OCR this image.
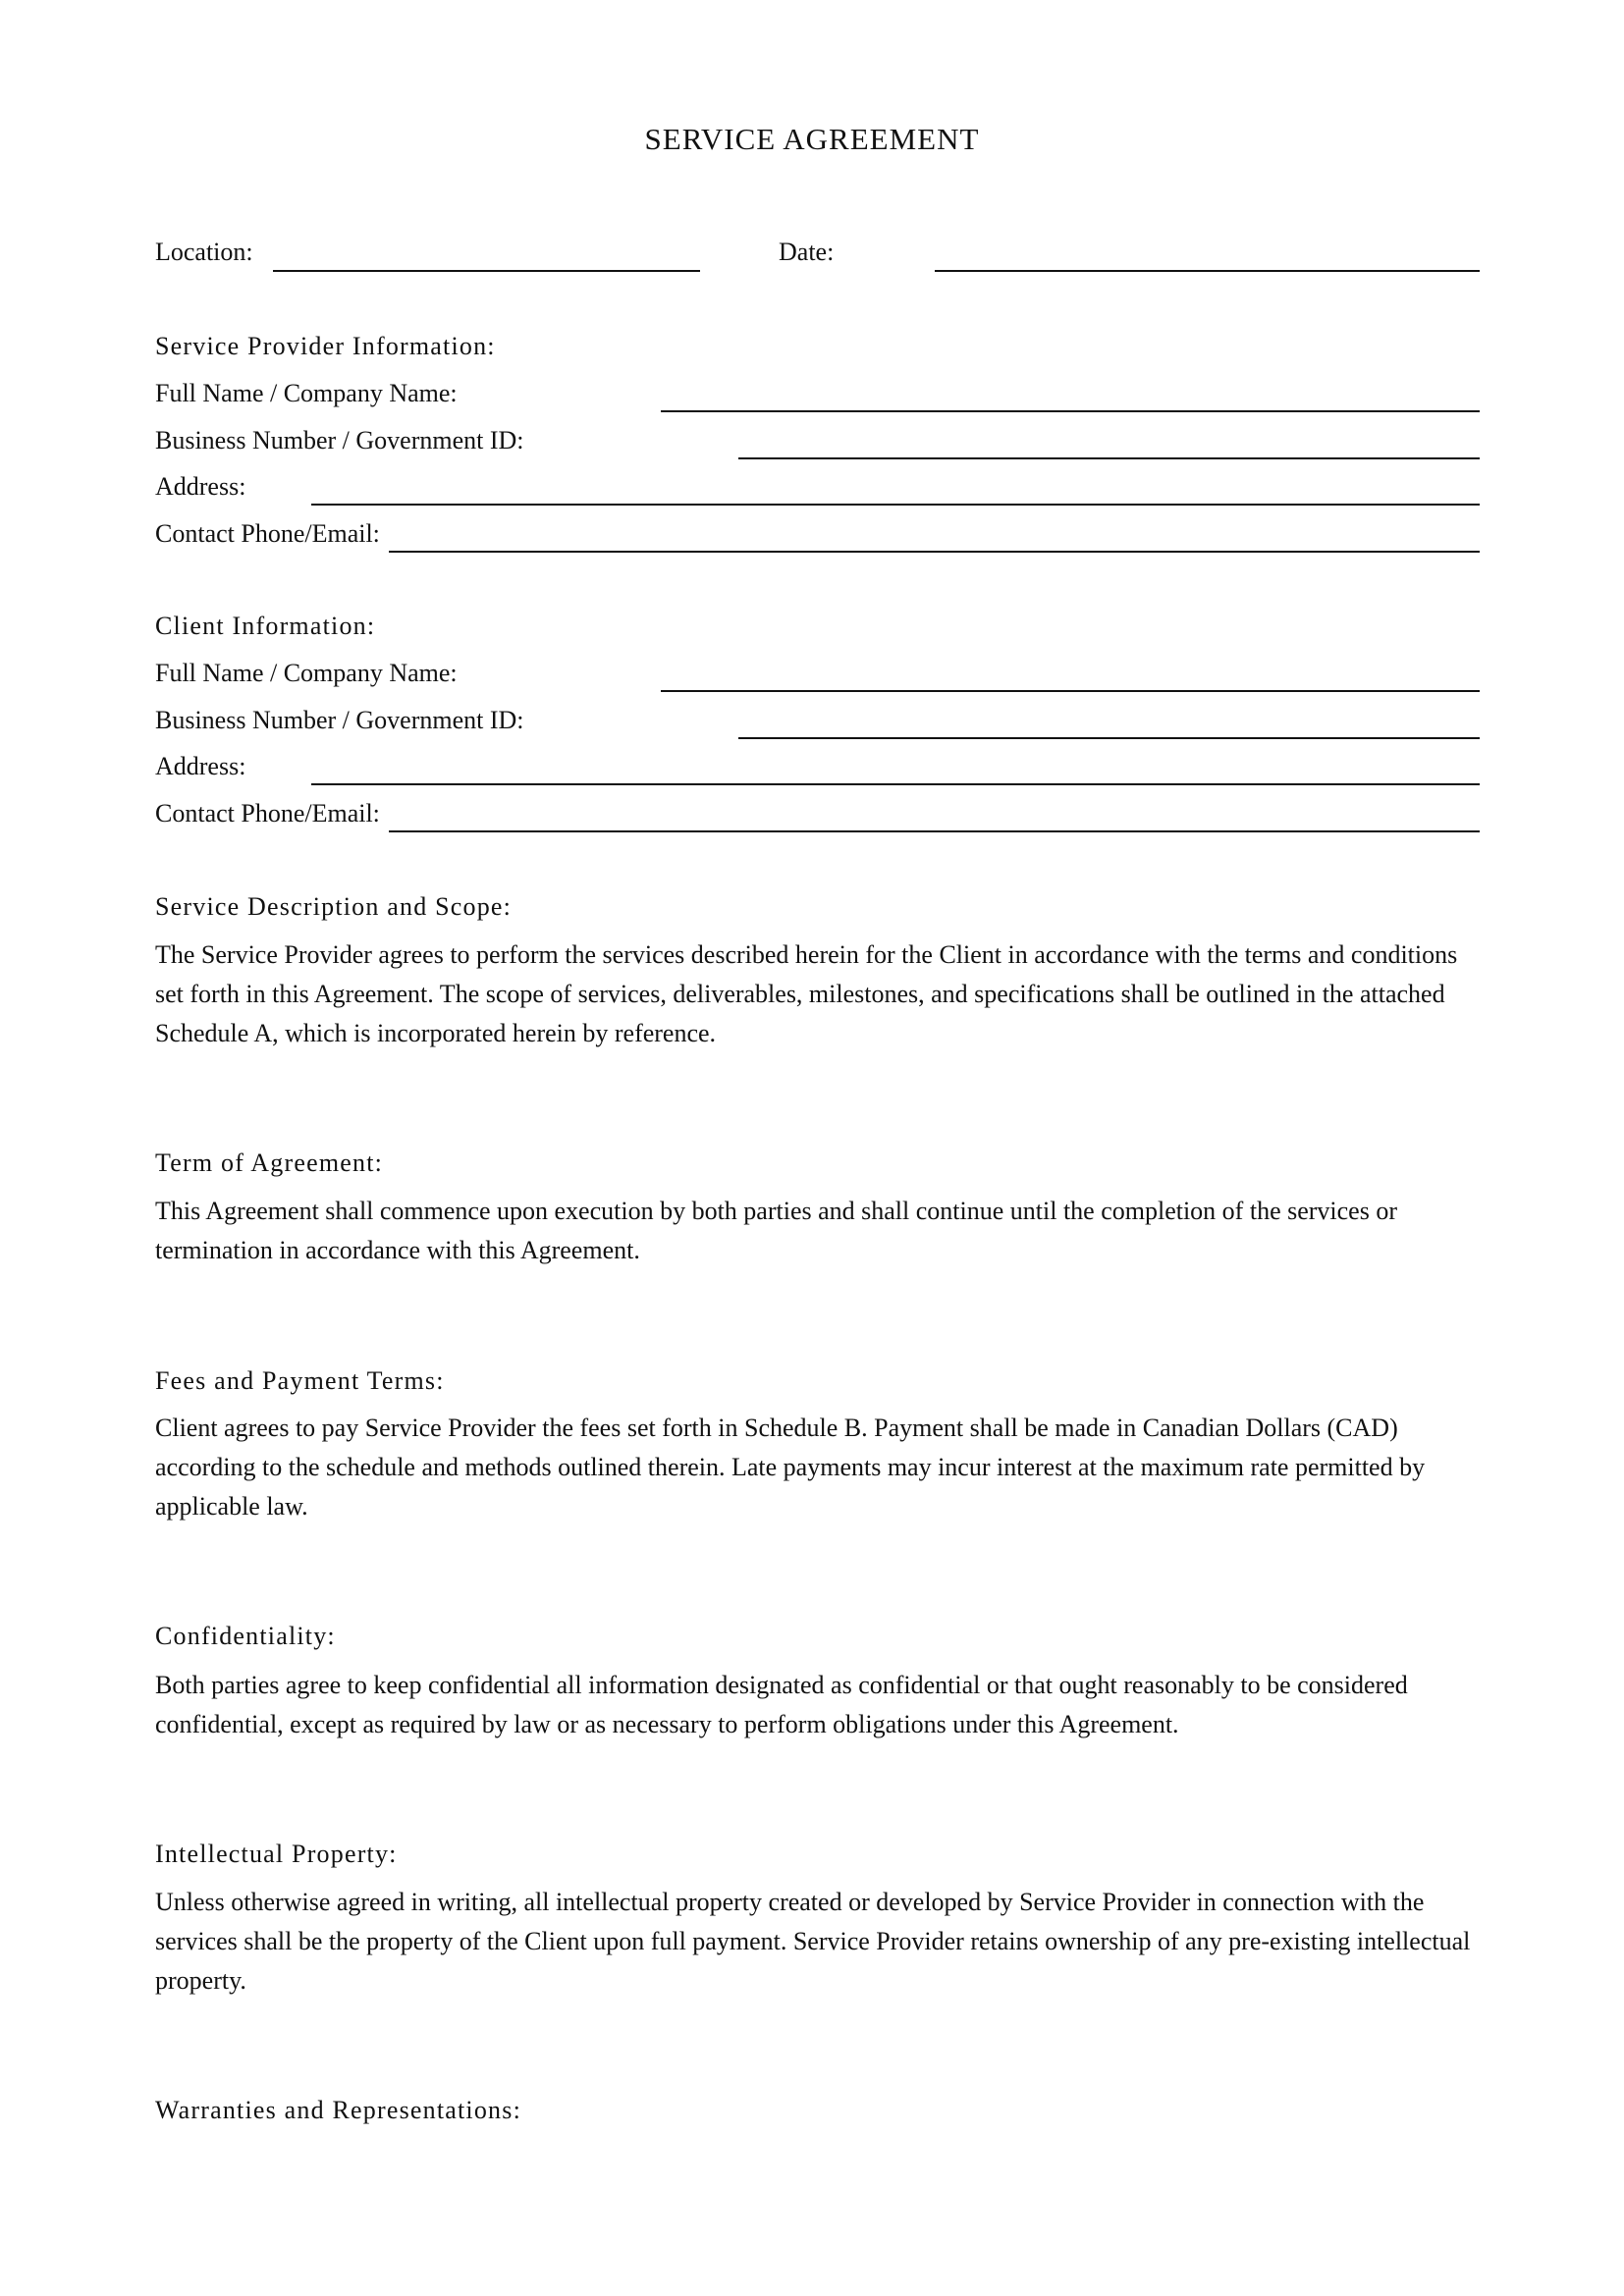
SERVICE AGREEMENT
Location:	Date:
Service Provider Information:
Full Name / Company Name:
Business Number / Government ID:
Address:
Contact Phone/Email:
Client Information:
Full Name / Company Name:
Business Number / Government ID:
Address:
Contact Phone/Email:
Service Description and Scope:
The Service Provider agrees to perform the services described herein for the Client in accordance with the terms and conditions set forth in this Agreement. The scope of services, deliverables, milestones, and specifications shall be outlined in the attached Schedule A, which is incorporated herein by reference.
Term of Agreement:
This Agreement shall commence upon execution by both parties and shall continue until the completion of the services or termination in accordance with this Agreement.
Fees and Payment Terms:
Client agrees to pay Service Provider the fees set forth in Schedule B. Payment shall be made in Canadian Dollars (CAD) according to the schedule and methods outlined therein. Late payments may incur interest at the maximum rate permitted by applicable law.
Confidentiality:
Both parties agree to keep confidential all information designated as confidential or that ought reasonably to be considered confidential, except as required by law or as necessary to perform obligations under this Agreement.
Intellectual Property:
Unless otherwise agreed in writing, all intellectual property created or developed by Service Provider in connection with the services shall be the property of the Client upon full payment. Service Provider retains ownership of any pre-existing intellectual property.
Warranties and Representations:
